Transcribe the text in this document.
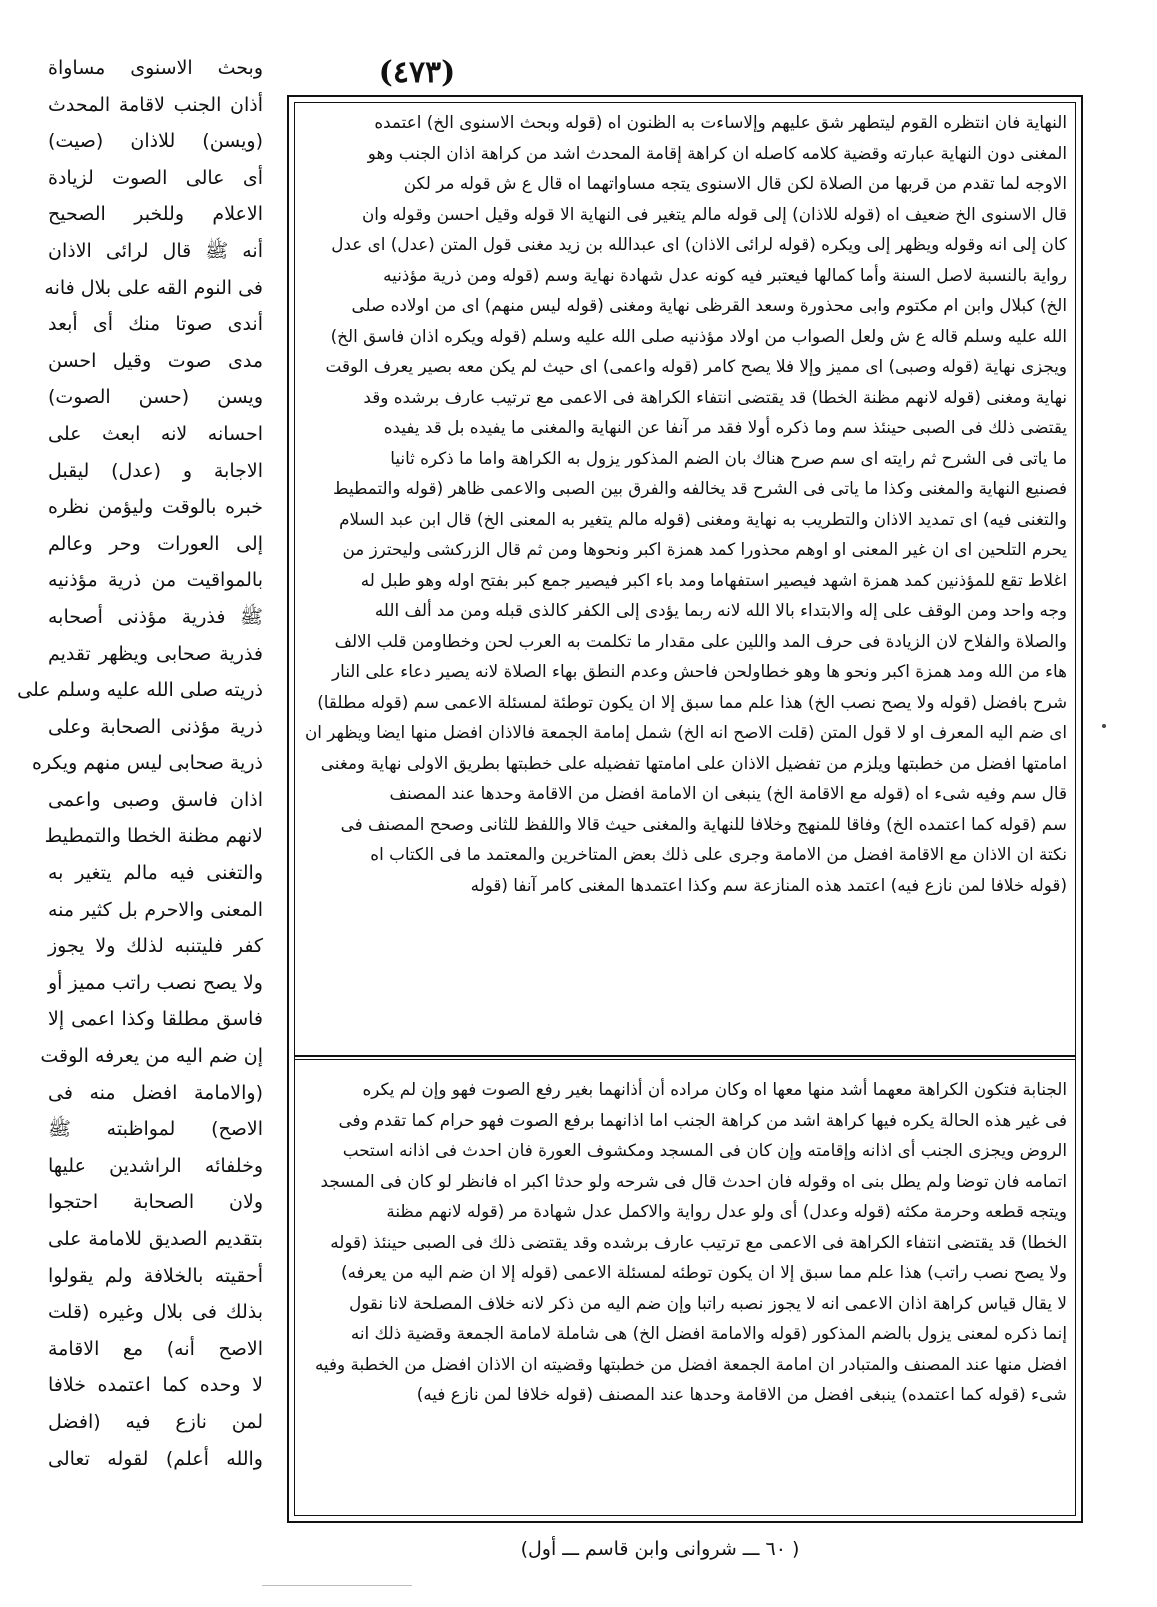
(٤٧٣)
وبحث الاسنوى مساواة
أذان الجنب لاقامة المحدث
(ويسن) للاذان (صيت)
أى عالى الصوت لزيادة
الاعلام وللخبر الصحيح
أنه ﷺ قال لرائى الاذان
فى النوم القه على بلال فانه
أندى صوتا منك أى أبعد
مدى صوت وقيل احسن
ويسن (حسن الصوت)
احسانه لانه ابعث على
الاجابة و (عدل) ليقبل
خبره بالوقت وليؤمن نظره
إلى العورات وحر وعالم
بالمواقيت من ذرية مؤذنيه
ﷺ فذرية مؤذنى أصحابه
فذرية صحابى ويظهر تقديم
ذريته صلى الله عليه وسلم على
ذرية مؤذنى الصحابة وعلى
ذرية صحابى ليس منهم ويكره
اذان فاسق وصبى واعمى
لانهم مظنة الخطا والتمطيط
والتغنى فيه مالم يتغير به
المعنى والاحرم بل كثير منه
كفر فليتنبه لذلك ولا يجوز
ولا يصح نصب راتب مميز أو
فاسق مطلقا وكذا اعمى إلا
إن ضم اليه من يعرفه الوقت
(والامامة افضل منه فى
الاصح) لمواظبته ﷺ
وخلفائه الراشدين عليها
ولان الصحابة احتجوا
بتقديم الصديق للامامة على
أحقيته بالخلافة ولم يقولوا
بذلك فى بلال وغيره (قلت
الاصح أنه) مع الاقامة
لا وحده كما اعتمده خلافا
لمن نازع فيه (افضل
والله أعلم) لقوله تعالى
النهاية فان انتظره القوم ليتطهر شق عليهم وإلاساءت به الظنون اه (قوله وبحث الاسنوى الخ) اعتمده
المغنى دون النهاية عبارته وقضية كلامه كاصله ان كراهة إقامة المحدث اشد من كراهة اذان الجنب وهو
الاوجه لما تقدم من قربها من الصلاة لكن قال الاسنوى يتجه مساواتهما اه قال ع ش قوله مر لكن
قال الاسنوى الخ ضعيف اه (قوله للاذان) إلى قوله مالم يتغير فى النهاية الا قوله وقيل احسن وقوله وان
كان إلى انه وقوله ويظهر إلى ويكره (قوله لرائى الاذان) اى عبدالله بن زيد مغنى قول المتن (عدل) اى عدل
رواية بالنسبة لاصل السنة وأما كمالها فيعتبر فيه كونه عدل شهادة نهاية وسم (قوله ومن ذرية مؤذنيه
الخ) كبلال وابن ام مكتوم وابى محذورة وسعد القرظى نهاية ومغنى (قوله ليس منهم) اى من اولاده صلى
الله عليه وسلم قاله ع ش ولعل الصواب من اولاد مؤذنيه صلى الله عليه وسلم (قوله ويكره اذان فاسق الخ)
ويجزى نهاية (قوله وصبى) اى مميز وإلا فلا يصح كامر (قوله واعمى) اى حيث لم يكن معه بصير يعرف الوقت
نهاية ومغنى (قوله لانهم مظنة الخطا) قد يقتضى انتفاء الكراهة فى الاعمى مع ترتيب عارف برشده وقد
يقتضى ذلك فى الصبى حينئذ سم وما ذكره أولا فقد مر آنفا عن النهاية والمغنى ما يفيده بل قد يفيده
ما ياتى فى الشرح ثم رايته اى سم صرح هناك بان الضم المذكور يزول به الكراهة واما ما ذكره ثانيا
فصنيع النهاية والمغنى وكذا ما ياتى فى الشرح قد يخالفه والفرق بين الصبى والاعمى ظاهر (قوله والتمطيط
والتغنى فيه) اى تمديد الاذان والتطريب به نهاية ومغنى (قوله مالم يتغير به المعنى الخ) قال ابن عبد السلام
يحرم التلحين اى ان غير المعنى او اوهم محذورا كمد همزة اكبر ونحوها ومن ثم قال الزركشى وليحترز من
اغلاط تقع للمؤذنين كمد همزة اشهد فيصير استفهاما ومد باء اكبر فيصير جمع كبر بفتح اوله وهو طبل له
وجه واحد ومن الوقف على إله والابتداء بالا الله لانه ربما يؤدى إلى الكفر كالذى قبله ومن مد ألف الله
والصلاة والفلاح لان الزيادة فى حرف المد واللين على مقدار ما تكلمت به العرب لحن وخطاومن قلب الالف
هاء من الله ومد همزة اكبر ونحو ها وهو خطاولحن فاحش وعدم النطق بهاء الصلاة لانه يصير دعاء على النار
شرح بافضل (قوله ولا يصح نصب الخ) هذا علم مما سبق إلا ان يكون توطئة لمسئلة الاعمى سم (قوله مطلقا)
اى ضم اليه المعرف او لا قول المتن (قلت الاصح انه الخ) شمل إمامة الجمعة فالاذان افضل منها ايضا ويظهر ان
امامتها افضل من خطبتها ويلزم من تفضيل الاذان على امامتها تفضيله على خطبتها بطريق الاولى نهاية ومغنى
قال سم وفيه شىء اه (قوله مع الاقامة الخ) ينبغى ان الامامة افضل من الاقامة وحدها عند المصنف
سم (قوله كما اعتمده الخ) وفاقا للمنهج وخلافا للنهاية والمغنى حيث قالا واللفظ للثانى وصحح المصنف فى
نكتة ان الاذان مع الاقامة افضل من الامامة وجرى على ذلك بعض المتاخرين والمعتمد ما فى الكتاب اه
(قوله خلافا لمن نازع فيه) اعتمد هذه المنازعة سم وكذا اعتمدها المغنى كامر آنفا (قوله
الجنابة فتكون الكراهة معهما أشد منها معها اه وكان مراده أن أذانهما بغير رفع الصوت فهو وإن لم يكره
فى غير هذه الحالة يكره فيها كراهة اشد من كراهة الجنب اما اذانهما برفع الصوت فهو حرام كما تقدم وفى
الروض ويجزى الجنب أى اذانه وإقامته وإن كان فى المسجد ومكشوف العورة فان احدث فى اذانه استحب
اتمامه فان توضا ولم يطل بنى اه وقوله فان احدث قال فى شرحه ولو حدثا اكبر اه فانظر لو كان فى المسجد
ويتجه قطعه وحرمة مكثه (قوله وعدل) أى ولو عدل رواية والاكمل عدل شهادة مر (قوله لانهم مظنة
الخطا) قد يقتضى انتفاء الكراهة فى الاعمى مع ترتيب عارف برشده وقد يقتضى ذلك فى الصبى حينئذ (قوله
ولا يصح نصب راتب) هذا علم مما سبق إلا ان يكون توطئه لمسئلة الاعمى (قوله إلا ان ضم اليه من يعرفه)
لا يقال قياس كراهة اذان الاعمى انه لا يجوز نصبه راتبا وإن ضم اليه من ذكر لانه خلاف المصلحة لانا نقول
إنما ذكره لمعنى يزول بالضم المذكور (قوله والامامة افضل الخ) هى شاملة لامامة الجمعة وقضية ذلك انه
افضل منها عند المصنف والمتبادر ان امامة الجمعة افضل من خطبتها وقضيته ان الاذان افضل من الخطبة وفيه
شىء (قوله كما اعتمده) ينبغى افضل من الاقامة وحدها عند المصنف (قوله خلافا لمن نازع فيه)
( ٦٠ ـــ شروانى وابن قاسم ـــ أول)
